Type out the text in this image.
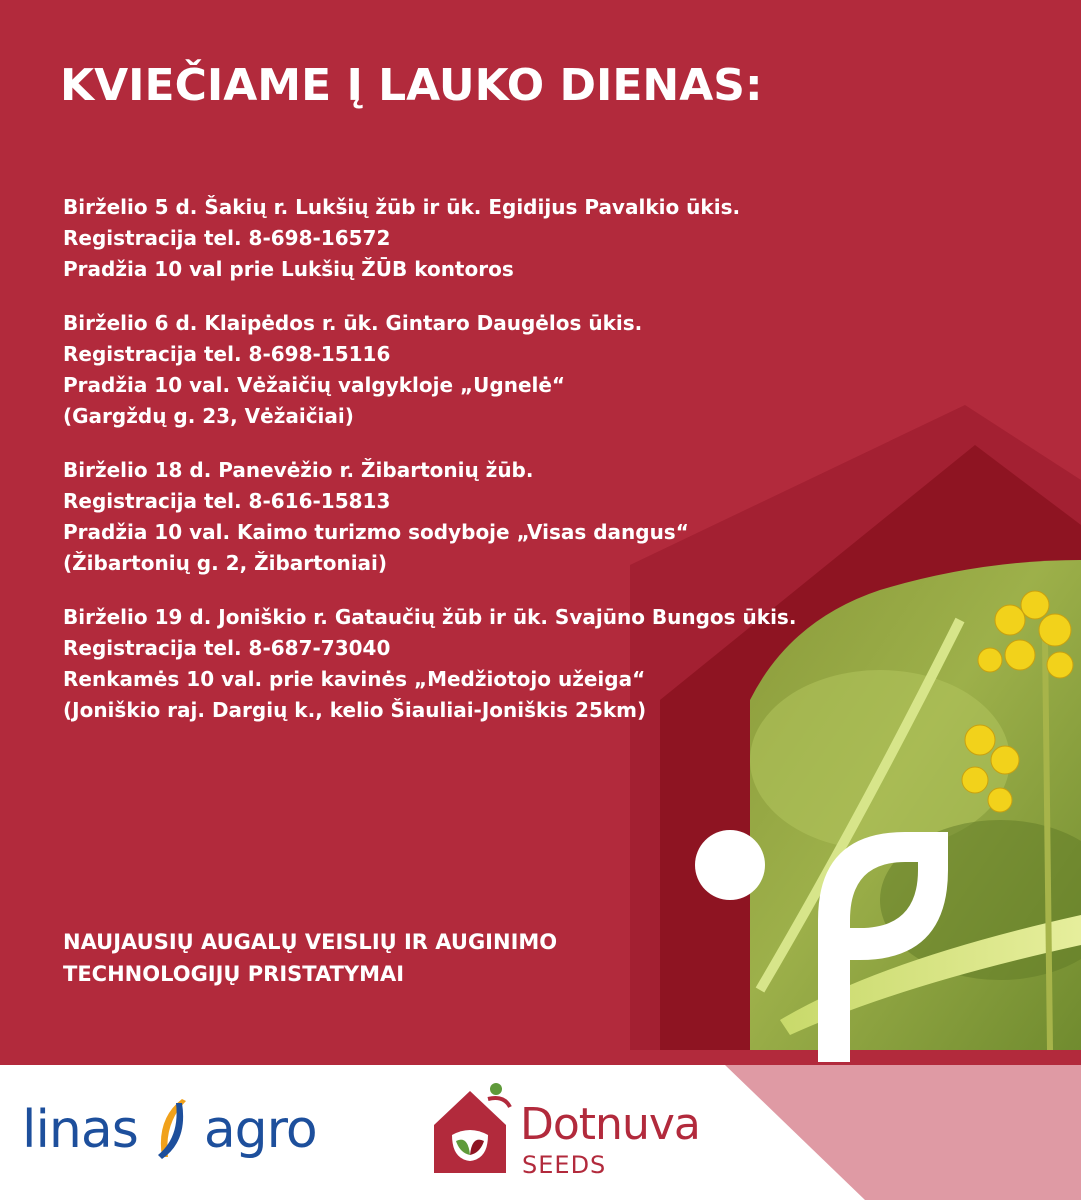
KVIEČIAME Į LAUKO DIENAS:
Birželio 5 d. Šakių r. Lukšių žūb ir ūk. Egidijus Pavalkio ūkis.
Registracija tel. 8-698-16572
Pradžia 10 val prie Lukšių ŽŪB kontoros
Birželio 6 d. Klaipėdos r. ūk. Gintaro Daugėlos ūkis.
Registracija tel. 8-698-15116
Pradžia 10 val. Vėžaičių valgykloje „Ugnelė“
(Gargždų g. 23, Vėžaičiai)
Birželio 18 d. Panevėžio r. Žibartonių žūb.
Registracija tel. 8-616-15813
Pradžia 10 val. Kaimo turizmo sodyboje „Visas dangus“
(Žibartonių g. 2, Žibartoniai)
Birželio 19 d. Joniškio r. Gataučių žūb ir ūk. Svajūno Bungos ūkis.
Registracija tel. 8-687-73040
Renkamės 10 val. prie kavinės „Medžiotojo užeiga“
(Joniškio raj. Dargių k., kelio Šiauliai-Joniškis 25km)
NAUJAUSIŲ AUGALŲ VEISLIŲ IR AUGINIMO
TECHNOLOGIJŲ PRISTATYMAI
linas agro	Dotnuva
SEEDS
